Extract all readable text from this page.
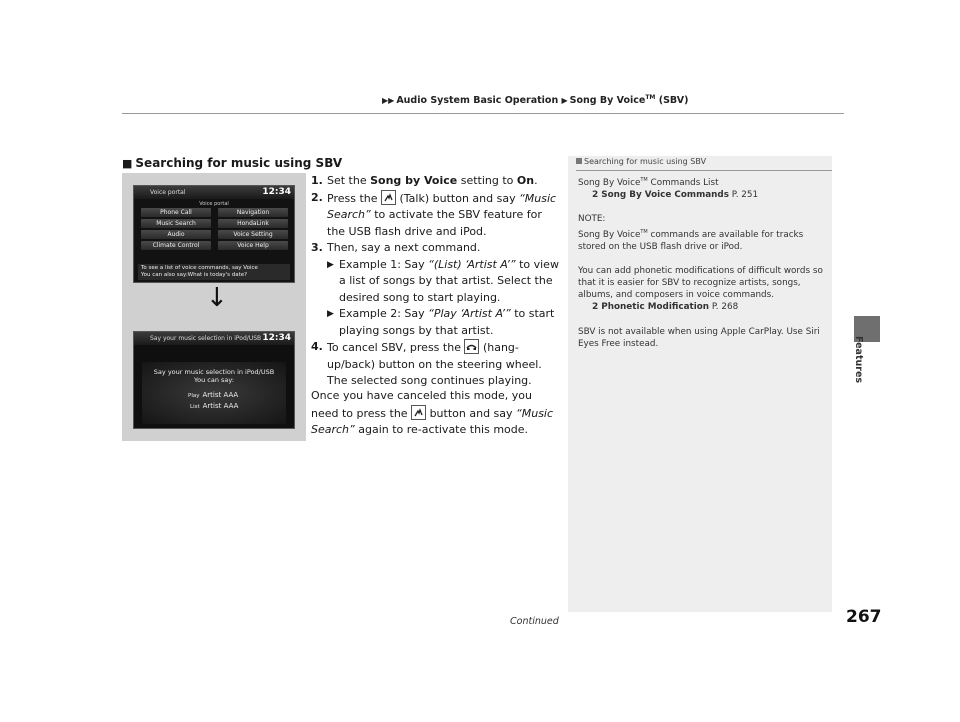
▶▶ Audio System Basic Operation ▶ Song By Voice™ (SBV)
Features
■ Searching for music using SBV
Voice portal	12:34
Voice portal
Phone Call	Navigation
Music Search	HondaLink
Audio	Voice Setting
Climate Control	Voice Help
To see a list of voice commands, say Voice
You can also say:What is today's date?
↓
Say your music selection in iPod/USB 12:34
Say your music selection in iPod/USB
You can say:
Play Artist AAA
List Artist AAA
1. Set the Song by Voice setting to On.
2. Press the  (Talk) button and say “Music Search” to activate the SBV feature for the USB flash drive and iPod.
3. Then, say a next command.
▶ Example 1: Say “(List) ‘Artist A’” to view a list of songs by that artist. Select the desired song to start playing.
▶ Example 2: Say “Play ‘Artist A’” to start playing songs by that artist.
4. To cancel SBV, press the  (hang-up/back) button on the steering wheel. The selected song continues playing.
Once you have canceled this mode, you need to press the  button and say “Music Search” again to re-activate this mode.
Searching for music using SBV

Song By Voice™ Commands List
2 Song By Voice Commands P. 251

NOTE:
Song By Voice™ commands are available for tracks stored on the USB flash drive or iPod.

You can add phonetic modifications of difficult words so that it is easier for SBV to recognize artists, songs, albums, and composers in voice commands.
2 Phonetic Modification P. 268

SBV is not available when using Apple CarPlay. Use Siri Eyes Free instead.

Continued	267
